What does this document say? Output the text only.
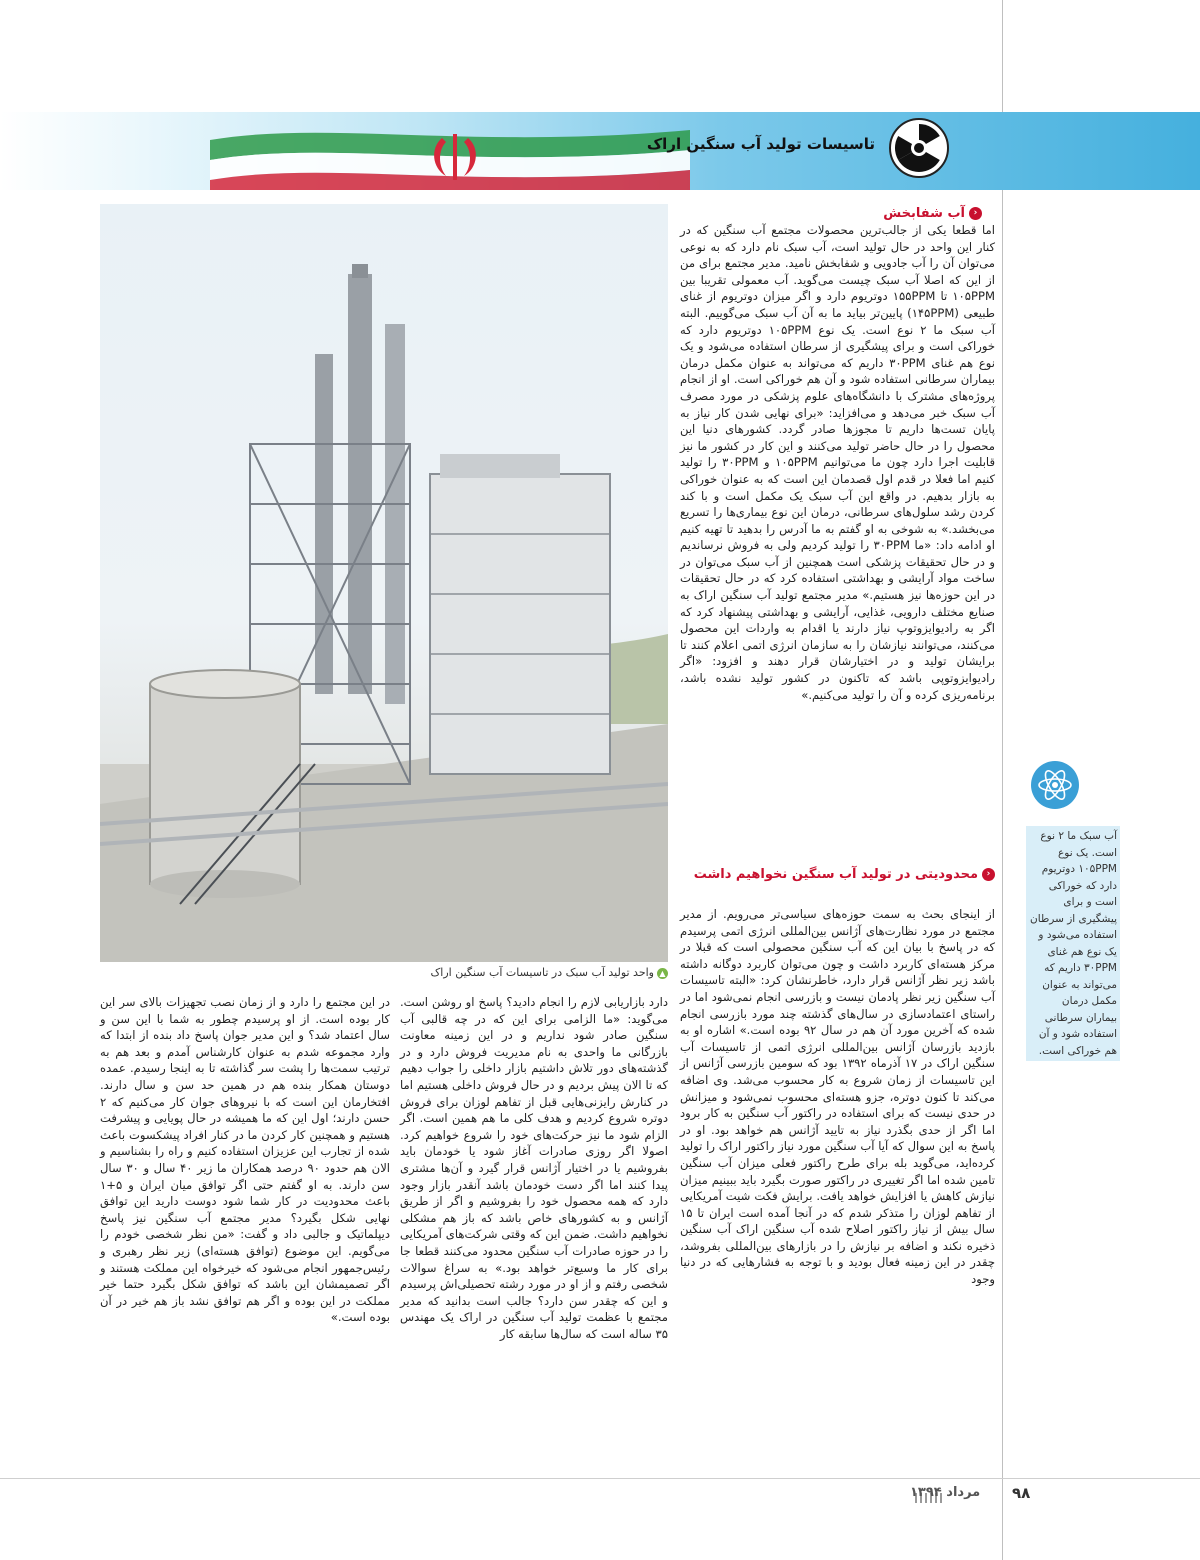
تاسیسات تولید آب سنگین اراک
▲واحد تولید آب سبک در تاسیسات آب سنگین اراک
‹آب شفابخش

اما قطعا یکی از جالب‌ترین محصولات مجتمع آب سنگین که در کنار این واحد در حال تولید است، آب سبک نام دارد که به نوعی می‌توان آن را آب جادویی و شفابخش نامید. مدیر مجتمع برای من از این که اصلا آب سبک چیست می‌گوید. آب معمولی تقریبا بین ۱۰۵PPM تا ۱۵۵PPM دوتریوم دارد و اگر میزان دوتریوم از غنای طبیعی (۱۴۵PPM) پایین‌تر بیاید ما به آن آب سبک می‌گوییم. البته آب سبک ما ۲ نوع است. یک نوع ۱۰۵PPM دوتریوم دارد که خوراکی است و برای پیشگیری از سرطان استفاده می‌شود و یک نوع هم غنای ۳۰PPM داریم که می‌تواند به عنوان مکمل درمان بیماران سرطانی استفاده شود و آن هم خوراکی است. او از انجام پروژه‌های مشترک با دانشگاه‌های علوم پزشکی در مورد مصرف آب سبک خبر می‌دهد و می‌افزاید: «برای نهایی شدن کار نیاز به پایان تست‌ها داریم تا مجوزها صادر گردد. کشورهای دنیا این محصول را در حال حاضر تولید می‌کنند و این کار در کشور ما نیز قابلیت اجرا دارد چون ما می‌توانیم ۱۰۵PPM و ۳۰PPM را تولید کنیم اما فعلا در قدم اول قصدمان این است که به عنوان خوراکی به بازار بدهیم. در واقع این آب سبک یک مکمل است و با کند کردن رشد سلول‌های سرطانی، درمان این نوع بیماری‌ها را تسریع می‌بخشد.» به شوخی به او گفتم به ما آدرس را بدهید تا تهیه کنیم او ادامه داد: «ما ۳۰PPM را تولید کردیم ولی به فروش نرساندیم و در حال تحقیقات پزشکی است همچنین از آب سبک می‌توان در ساخت مواد آرایشی و بهداشتی استفاده کرد که در حال تحقیقات در این حوزه‌ها نیز هستیم.» مدیر مجتمع تولید آب سنگین اراک به صنایع مختلف دارویی، غذایی، آرایشی و بهداشتی پیشنهاد کرد که اگر به رادیوایزوتوپ نیاز دارند یا اقدام به واردات این محصول می‌کنند، می‌توانند نیازشان را به سازمان انرژی اتمی اعلام کنند تا برایشان تولید و در اختیارشان قرار دهند و افزود: «اگر رادیوایزوتوپی باشد که تاکنون در کشور تولید نشده باشد، برنامه‌ریزی کرده و آن را تولید می‌کنیم.»

‹محدودیتی در تولید آب سنگین نخواهیم داشت

از اینجای بحث به سمت حوزه‌های سیاسی‌تر می‌رویم. از مدیر مجتمع در مورد نظارت‌های آژانس بین‌المللی انرژی اتمی پرسیدم که در پاسخ با بیان این که آب سنگین محصولی است که قبلا در مرکز هسته‌ای کاربرد داشت و چون می‌توان کاربرد دوگانه داشته باشد زیر نظر آژانس قرار دارد، خاطرنشان کرد: «البته تاسیسات آب سنگین زیر نظر پادمان نیست و بازرسی انجام نمی‌شود اما در راستای اعتمادسازی در سال‌های گذشته چند مورد بازرسی انجام شده که آخرین مورد آن هم در سال ۹۲ بوده است.» اشاره او به بازدید بازرسان آژانس بین‌المللی انرژی اتمی از تاسیسات آب سنگین اراک در ۱۷ آذرماه ۱۳۹۲ بود که سومین بازرسی آژانس از این تاسیسات از زمان شروع به کار محسوب می‌شد. وی اضافه می‌کند تا کنون دوتره، جزو هسته‌ای محسوب نمی‌شود و میزانش در حدی نیست که برای استفاده در راکتور آب سنگین به کار برود اما اگر از حدی بگذرد نیاز به تایید آژانس هم خواهد بود. او در پاسخ به این سوال که آیا آب سنگین مورد نیاز راکتور اراک را تولید کرده‌اید، می‌گوید بله برای طرح راکتور فعلی میزان آب سنگین تامین شده اما اگر تغییری در راکتور صورت بگیرد باید ببینیم میزان نیازش کاهش یا افزایش خواهد یافت. برایش فکت شیت آمریکایی از تفاهم لوزان را متذکر شدم که در آنجا آمده است ایران تا ۱۵ سال بیش از نیاز راکتور اصلاح شده آب سنگین اراک آب سنگین ذخیره نکند و اضافه بر نیازش را در بازارهای بین‌المللی بفروشد، چقدر در این زمینه فعال بودید و با توجه به فشارهایی که در دنیا وجود

دارد بازاریابی لازم را انجام دادید؟ پاسخ او روشن است. می‌گوید: «ما الزامی برای این که در چه قالبی آب سنگین صادر شود نداریم و در این زمینه معاونت بازرگانی ما واحدی به نام مدیریت فروش دارد و در گذشته‌های دور تلاش داشتیم بازار داخلی را جواب دهیم که تا الان پیش بردیم و در حال فروش داخلی هستیم اما در کنارش رایزنی‌هایی قبل از تفاهم لوزان برای فروش دوتره شروع کردیم و هدف کلی ما هم همین است. اگر الزام شود ما نیز حرکت‌های خود را شروع خواهیم کرد. اصولا اگر روزی صادرات آغاز شود یا خودمان باید بفروشیم یا در اختیار آژانس قرار گیرد و آن‌ها مشتری پیدا کنند اما اگر دست خودمان باشد آنقدر بازار وجود دارد که همه محصول خود را بفروشیم و اگر از طریق آژانس و به کشورهای خاص باشد که باز هم مشکلی نخواهیم داشت. ضمن این که وقتی شرکت‌های آمریکایی را در حوزه صادرات آب سنگین محدود می‌کنند قطعا جا برای کار ما وسیع‌تر خواهد بود.» به سراغ سوالات شخصی رفتم و از او در مورد رشته تحصیلی‌اش پرسیدم و این که چقدر سن دارد؟ جالب است بدانید که مدیر مجتمع با عظمت تولید آب سنگین در اراک یک مهندس ۳۵ ساله است که سال‌ها سابقه کار

در این مجتمع را دارد و از زمان نصب تجهیزات بالای سر این کار بوده است. از او پرسیدم چطور به شما با این سن و سال اعتماد شد؟ و این مدیر جوان پاسخ داد بنده از ابتدا که وارد مجموعه شدم به عنوان کارشناس آمدم و بعد هم به ترتیب سمت‌ها را پشت سر گذاشته تا به اینجا رسیدم. عمده دوستان همکار بنده هم در همین حد سن و سال دارند. افتخارمان این است که با نیروهای جوان کار می‌کنیم که ۲ حسن دارند؛ اول این که ما همیشه در حال پویایی و پیشرفت هستیم و همچنین کار کردن ما در کنار افراد پیشکسوت باعث شده از تجارب این عزیزان استفاده کنیم و راه را بشناسیم و الان هم حدود ۹۰ درصد همکاران ما زیر ۴۰ سال و ۳۰ سال سن دارند. به او گفتم حتی اگر توافق میان ایران و ۵+۱ باعث محدودیت در کار شما شود دوست دارید این توافق نهایی شکل بگیرد؟ مدیر مجتمع آب سنگین نیز پاسخ دیپلماتیک و جالبی داد و گفت: «من نظر شخصی خودم را می‌گویم. این موضوع (توافق هسته‌ای) زیر نظر رهبری و رئیس‌جمهور انجام می‌شود که خیرخواه این مملکت هستند و اگر تصمیمشان این باشد که توافق شکل بگیرد حتما خیر مملکت در این بوده و اگر هم توافق نشد باز هم خیر در آن بوده است.»

آب سبک ما ۲ نوع است. یک نوع ۱۰۵PPM دوتریوم دارد که خوراکی است و برای پیشگیری از سرطان استفاده می‌شود و یک نوع هم غنای ۳۰PPM داریم که می‌تواند به عنوان مکمل درمان بیماران سرطانی استفاده شود و آن هم خوراکی است.
مرداد ۱۳۹۴ ۹۸
